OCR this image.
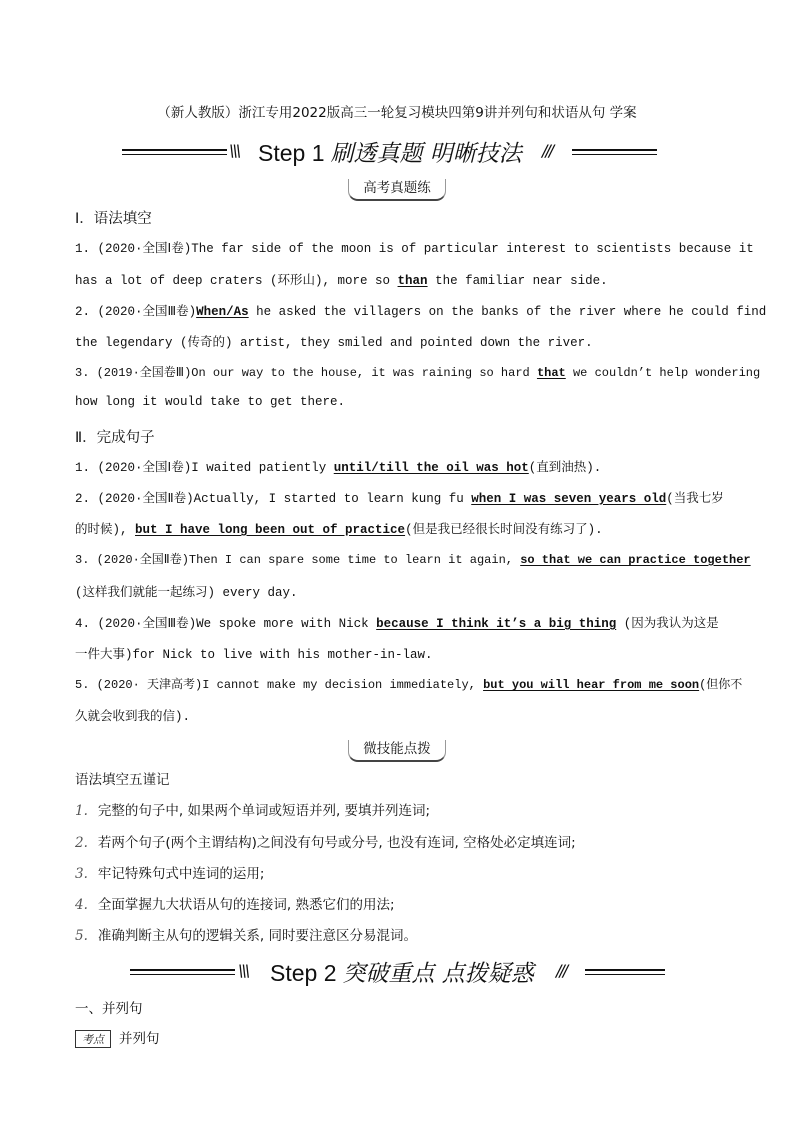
（新人教版）浙江专用2022版高三一轮复习模块四第9讲并列句和状语从句 学案
\\\ Step 1 刷透真题 明晰技法 ///
高考真题练
Ⅰ．语法填空
1. (2020·全国Ⅰ卷)The far side of the moon is of particular interest to scientists because it
has a lot of deep craters (环形山), more so than the familiar near side.
2. (2020·全国Ⅲ卷)When/As he asked the villagers on the banks of the river where he could find
the legendary (传奇的) artist, they smiled and pointed down the river.
3. (2019·全国卷Ⅲ)On our way to the house, it was raining so hard that we couldn’t help wondering
how long it would take to get there.
Ⅱ．完成句子
1. (2020·全国Ⅰ卷)I waited patiently until/till the oil was hot(直到油热).
2. (2020·全国Ⅱ卷)Actually, I started to learn kung fu when I was seven years old(当我七岁
的时候), but I have long been out of practice(但是我已经很长时间没有练习了).
3. (2020·全国Ⅱ卷)Then I can spare some time to learn it again, so that we can practice together
(这样我们就能一起练习) every day.
4. (2020·全国Ⅲ卷)We spoke more with Nick because I think it’s a big thing (因为我认为这是
一件大事)for Nick to live with his mother-in-law.
5. (2020· 天津高考)I cannot make my decision immediately, but you will hear from me soon(但你不
久就会收到我的信).
微技能点拨
语法填空五谨记
1. 完整的句子中, 如果两个单词或短语并列, 要填并列连词;
2. 若两个句子(两个主谓结构)之间没有句号或分号, 也没有连词, 空格处必定填连词;
3. 牢记特殊句式中连词的运用;
4. 全面掌握九大状语从句的连接词, 熟悉它们的用法;
5. 准确判断主从句的逻辑关系, 同时要注意区分易混词。
\\\ Step 2 突破重点 点拨疑惑 ///
一、并列句
考点 并列句
